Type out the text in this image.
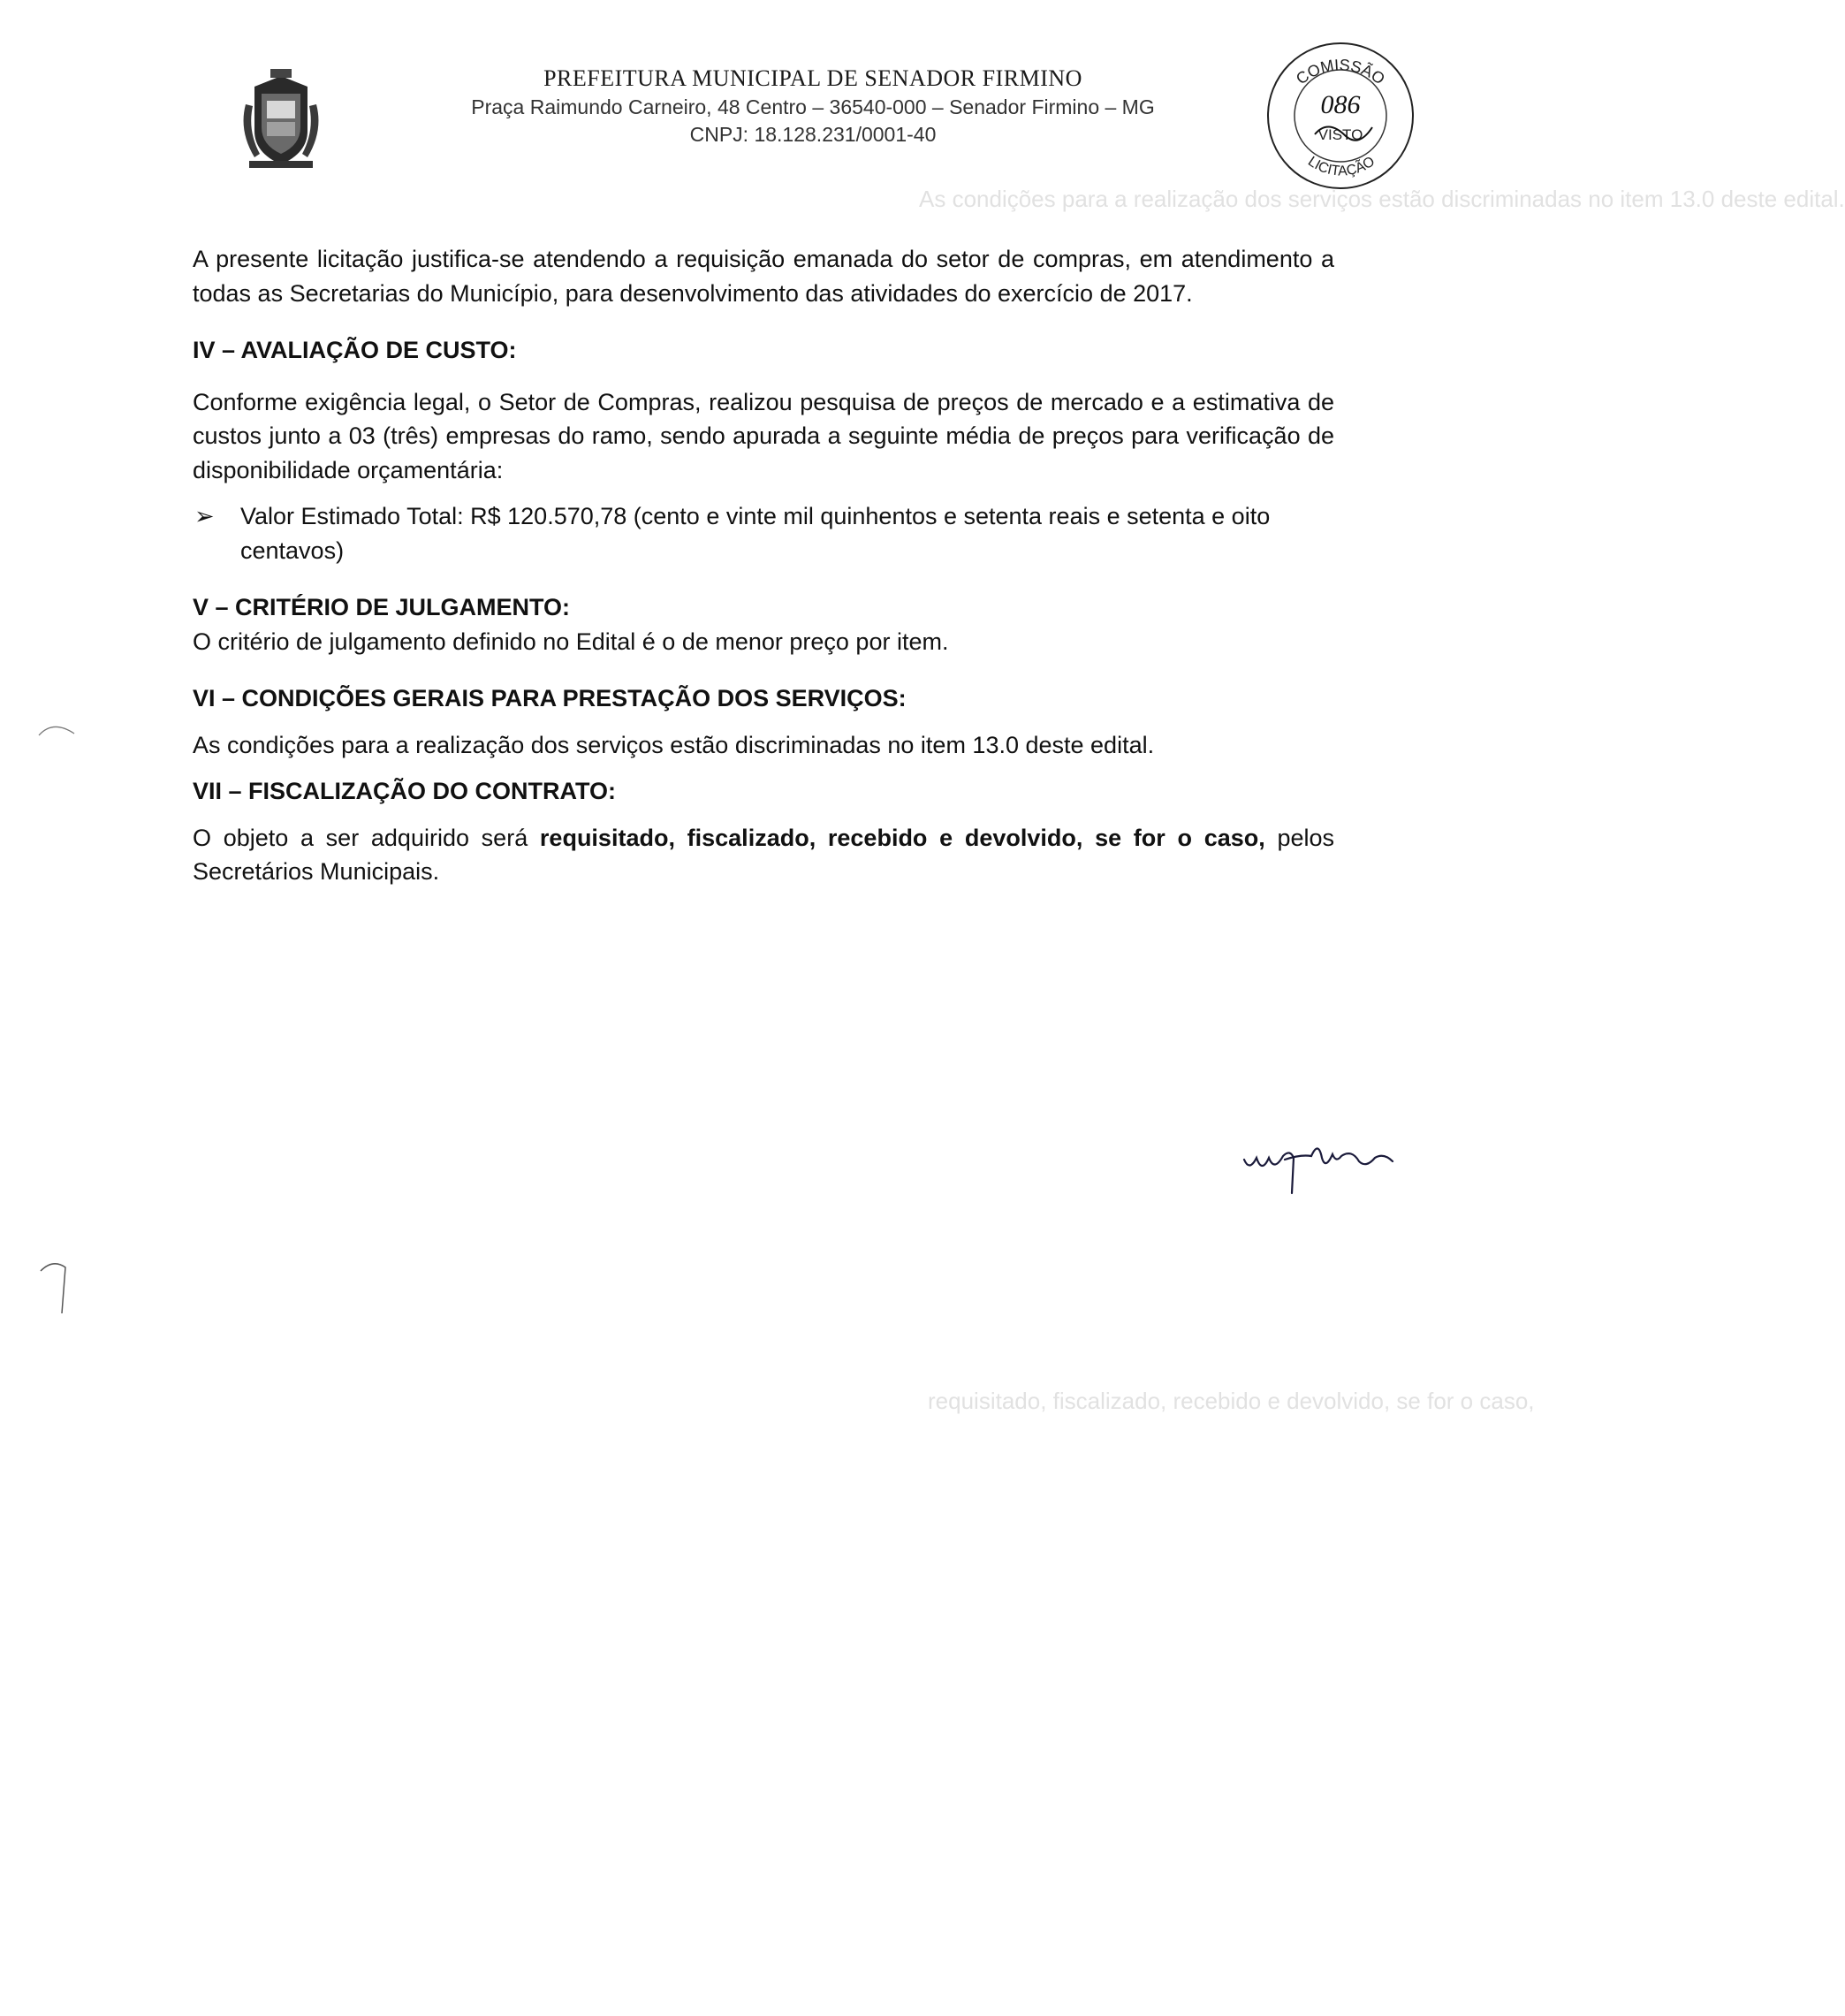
As condições para a realização dos serviços estão discriminadas no item 13.0 deste edital.
requisitado, fiscalizado, recebido e devolvido, se for o caso,
PREFEITURA MUNICIPAL DE SENADOR FIRMINO
Praça Raimundo Carneiro, 48 Centro – 36540-000 – Senador Firmino – MG
CNPJ: 18.128.231/0001-40
COMISSÃO
LICITAÇÃO
086
VISTO

A presente licitação justifica-se atendendo a requisição emanada do setor de compras, em atendimento a todas as Secretarias do Município, para desenvolvimento das atividades do exercício de 2017.

IV – AVALIAÇÃO DE CUSTO:

Conforme exigência legal, o Setor de Compras, realizou pesquisa de preços de mercado e a estimativa de custos junto a 03 (três) empresas do ramo, sendo apurada a seguinte média de preços para verificação de disponibilidade orçamentária:

➢	Valor Estimado Total: R$ 120.570,78 (cento e vinte mil quinhentos e setenta reais e setenta e oito centavos)

V – CRITÉRIO DE JULGAMENTO:

O critério de julgamento definido no Edital é o de menor preço por item.

VI – CONDIÇÕES GERAIS PARA PRESTAÇÃO DOS SERVIÇOS:

As condições para a realização dos serviços estão discriminadas no item 13.0 deste edital.

VII – FISCALIZAÇÃO DO CONTRATO:

O objeto a ser adquirido será requisitado, fiscalizado, recebido e devolvido, se for o caso, pelos Secretários Municipais.
